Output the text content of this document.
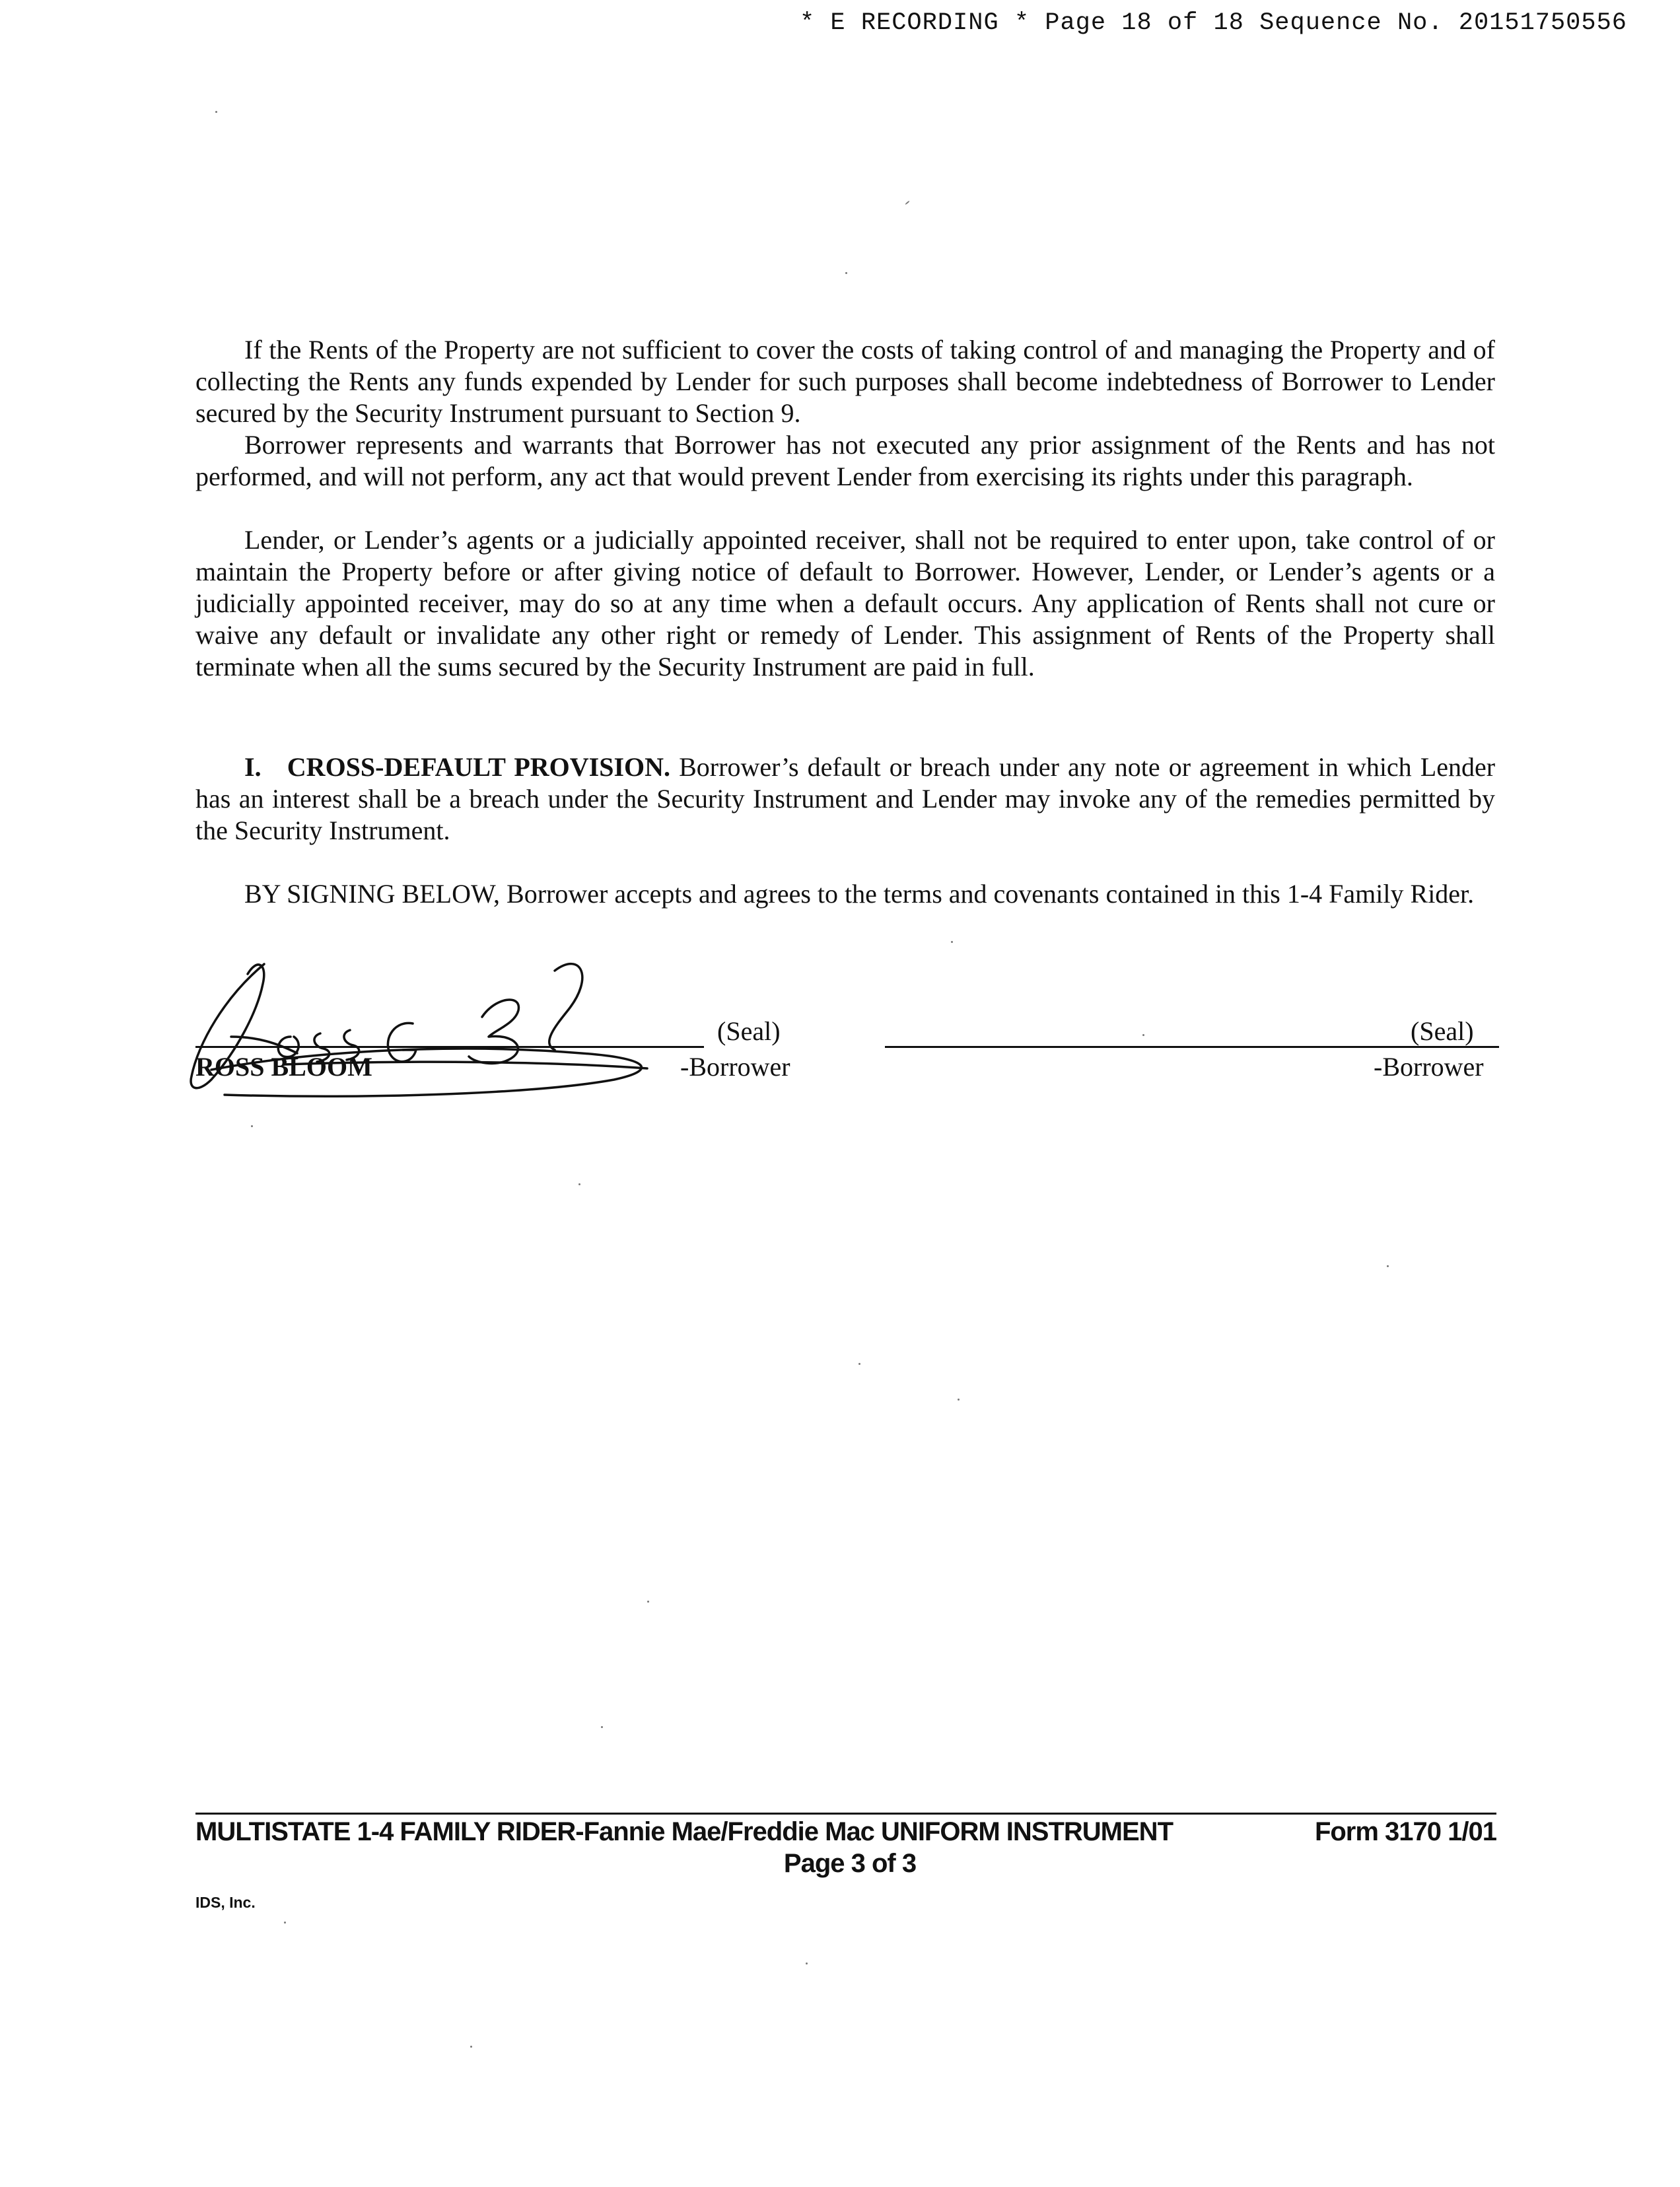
* E RECORDING * Page 18 of 18 Sequence No. 20151750556

If the Rents of the Property are not sufficient to cover the costs of taking control of and managing the Property and of collecting the Rents any funds expended by Lender for such purposes shall become indebtedness of Borrower to Lender secured by the Security Instrument pursuant to Section 9.

Borrower represents and warrants that Borrower has not executed any prior assignment of the Rents and has not performed, and will not perform, any act that would prevent Lender from exercising its rights under this paragraph.

Lender, or Lender’s agents or a judicially appointed receiver, shall not be required to enter upon, take control of or maintain the Property before or after giving notice of default to Borrower. However, Lender, or Lender’s agents or a judicially appointed receiver, may do so at any time when a default occurs. Any application of Rents shall not cure or waive any default or invalidate any other right or remedy of Lender. This assignment of Rents of the Property shall terminate when all the sums secured by the Security Instrument are paid in full.

I. CROSS-DEFAULT PROVISION. Borrower’s default or breach under any note or agreement in which Lender has an interest shall be a breach under the Security Instrument and Lender may invoke any of the remedies permitted by the Security Instrument.

BY SIGNING BELOW, Borrower accepts and agrees to the terms and covenants contained in this 1-4 Family Rider.

(Seal)
-Borrower
ROSS BLOOM
(Seal)
-Borrower
MULTISTATE 1-4 FAMILY RIDER-Fannie Mae/Freddie Mac UNIFORM INSTRUMENT	Form 3170 1/01
Page 3 of 3
IDS, Inc.
